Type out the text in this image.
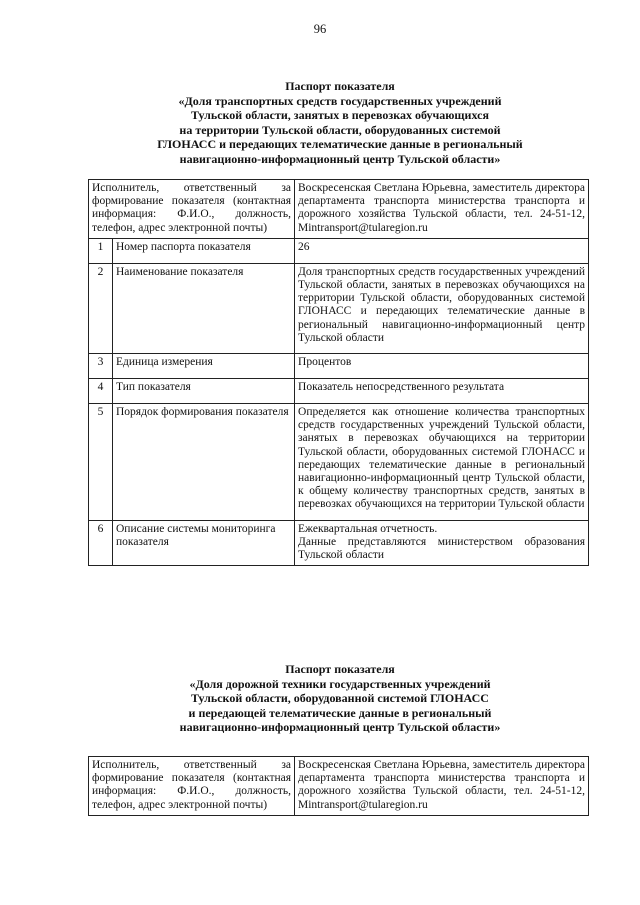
96
Паспорт показателя
«Доля транспортных средств государственных учреждений
Тульской области, занятых в перевозках обучающихся
на территории Тульской области, оборудованных системой
ГЛОНАСС и передающих телематические данные в региональный
навигационно-информационный центр Тульской области»
Исполнитель, ответственный за формирование показателя (контактная информация: Ф.И.О., должность, телефон, адрес электронной почты)		Воскресенская Светлана Юрьевна, заместитель директора департамента транспорта министерства транспорта и дорожного хозяйства Тульской области, тел. 24-51-12, Mintransport@tularegion.ru
1	Номер паспорта показателя	26
2	Наименование показателя	Доля транспортных средств государственных учреждений Тульской области, занятых в перевозках обучающихся на территории Тульской области, оборудованных системой ГЛОНАСС и передающих телематические данные в региональный навигационно-информационный центр Тульской области
3	Единица измерения	Процентов
4	Тип показателя	Показатель непосредственного результата
5	Порядок формирования показателя	Определяется как отношение количества транспортных средств государственных учреждений Тульской области, занятых в перевозках обучающихся на территории Тульской области, оборудованных системой ГЛОНАСС и передающих телематические данные в региональный навигационно-информационный центр Тульской области, к общему количеству транспортных средств, занятых в перевозках обучающихся на территории Тульской области
6	Описание системы мониторинга показателя	Ежеквартальная отчетность.
Данные представляются министерством образования Тульской области
Паспорт показателя
«Доля дорожной техники государственных учреждений
Тульской области, оборудованной системой ГЛОНАСС
и передающей телематические данные в региональный
навигационно-информационный центр Тульской области»
Исполнитель, ответственный за формирование показателя (контактная информация: Ф.И.О., должность, телефон, адрес электронной почты)	Воскресенская Светлана Юрьевна, заместитель директора департамента транспорта министерства транспорта и дорожного хозяйства Тульской области, тел. 24-51-12, Mintransport@tularegion.ru
